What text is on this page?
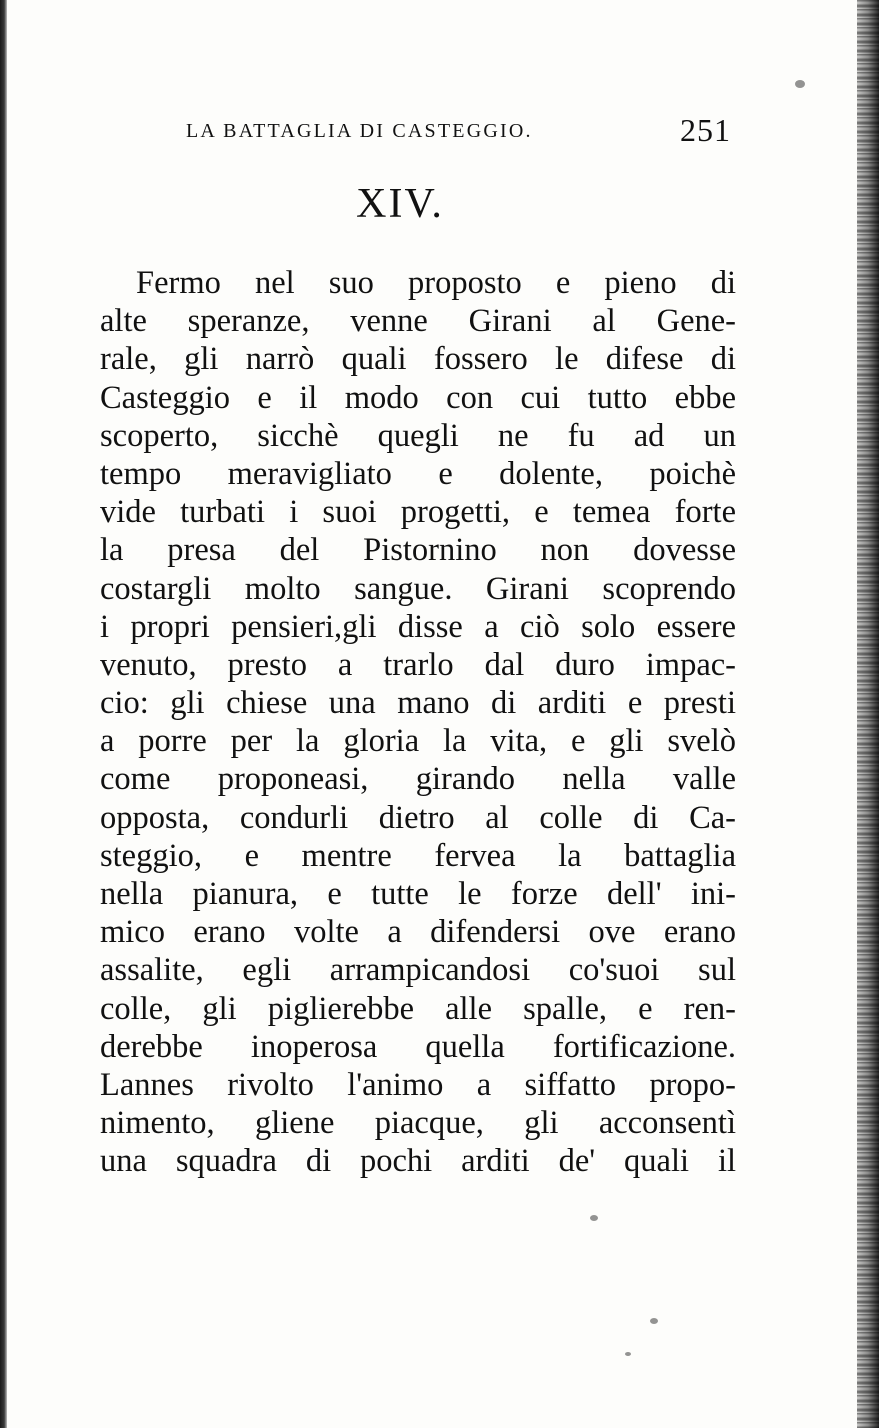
LA BATTAGLIA DI CASTEGGIO.	251
XIV.
Fermo nel suo proposto e pieno di
alte speranze, venne Girani al Gene-
rale, gli narrò quali fossero le difese di
Casteggio e il modo con cui tutto ebbe
scoperto, sicchè quegli ne fu ad un
tempo meravigliato e dolente, poichè
vide turbati i suoi progetti, e temea forte
la presa del Pistornino non dovesse
costargli molto sangue. Girani scoprendo
i propri pensieri,gli disse a ciò solo essere
venuto, presto a trarlo dal duro impac-
cio: gli chiese una mano di arditi e presti
a porre per la gloria la vita, e gli svelò
come proponeasi, girando nella valle
opposta, condurli dietro al colle di Ca-
steggio, e mentre fervea la battaglia
nella pianura, e tutte le forze dell' ini-
mico erano volte a difendersi ove erano
assalite, egli arrampicandosi co'suoi sul
colle, gli piglierebbe alle spalle, e ren-
derebbe inoperosa quella fortificazione.
Lannes rivolto l'animo a siffatto propo-
nimento, gliene piacque, gli acconsentì
una squadra di pochi arditi de' quali il
